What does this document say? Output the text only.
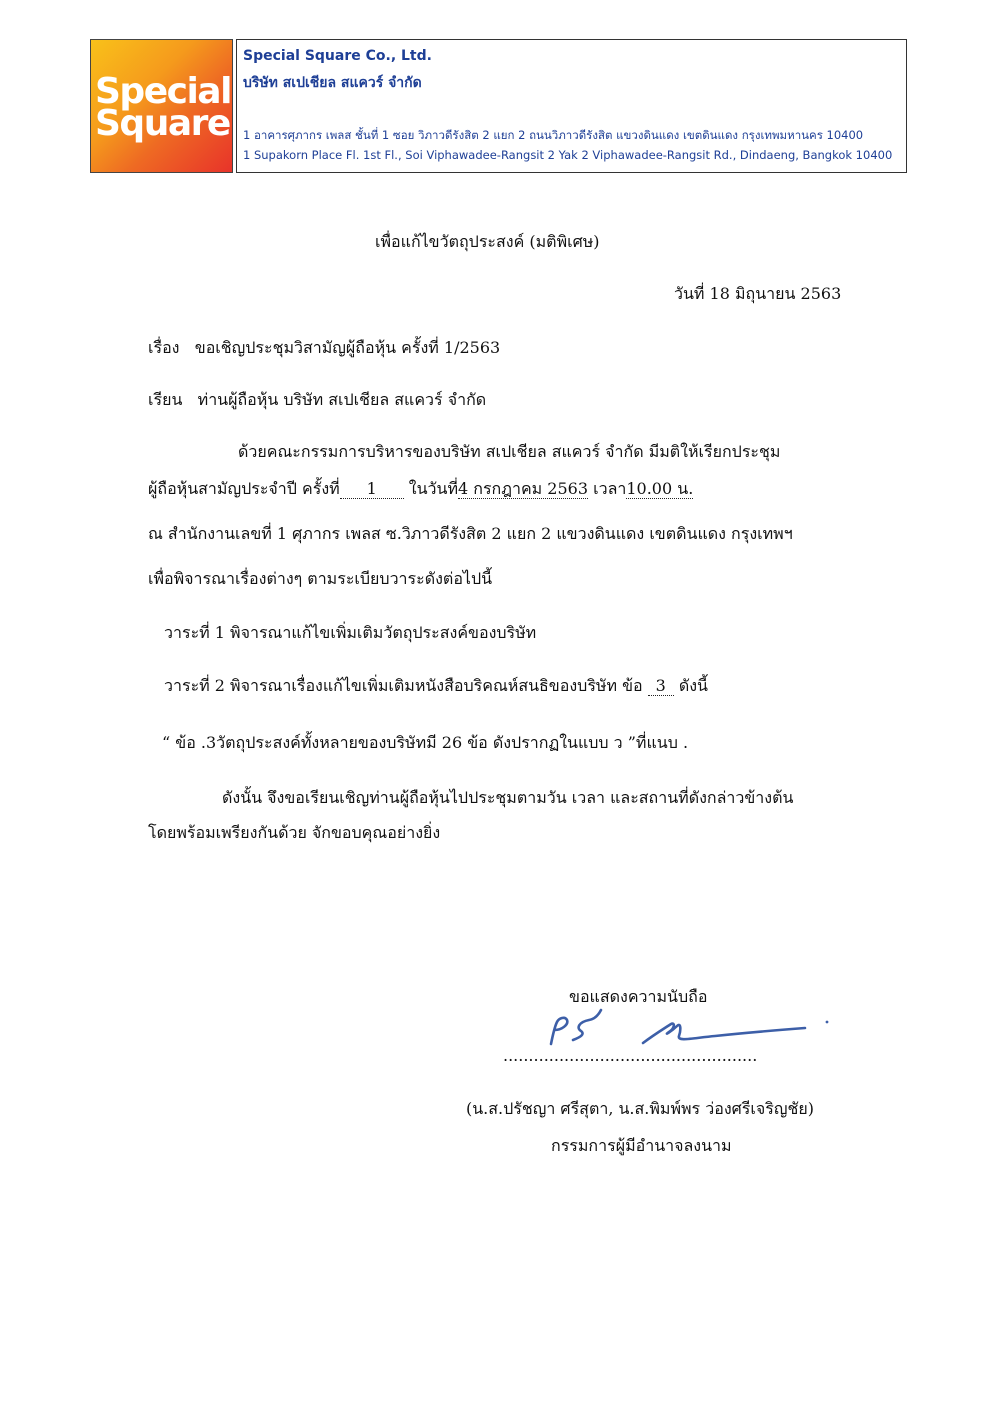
Special
Square
Special Square Co., Ltd.
บริษัท สเปเชียล สแควร์ จำกัด
1 อาคารศุภากร เพลส ชั้นที่ 1 ซอย วิภาวดีรังสิต 2 แยก 2 ถนนวิภาวดีรังสิต แขวงดินแดง เขตดินแดง กรุงเทพมหานคร 10400
1 Supakorn Place Fl. 1st Fl., Soi Viphawadee-Rangsit 2 Yak 2 Viphawadee-Rangsit Rd., Dindaeng, Bangkok 10400
เพื่อแก้ไขวัตถุประสงค์ (มติพิเศษ)
วันที่ 18 มิถุนายน 2563
เรื่อง ขอเชิญประชุมวิสามัญผู้ถือหุ้น ครั้งที่ 1/2563
เรียน ท่านผู้ถือหุ้น บริษัท สเปเชียล สแควร์ จำกัด
ด้วยคณะกรรมการบริหารของบริษัท สเปเชียล สแควร์ จำกัด มีมติให้เรียกประชุม
ผู้ถือหุ้นสามัญประจำปี ครั้งที่ 1 ในวันที่4 กรกฎาคม 2563 เวลา10.00 น.
ณ สำนักงานเลขที่ 1 ศุภากร เพลส ซ.วิภาวดีรังสิต 2 แยก 2 แขวงดินแดง เขตดินแดง กรุงเทพฯ
เพื่อพิจารณาเรื่องต่างๆ ตามระเบียบวาระดังต่อไปนี้
วาระที่ 1 พิจารณาแก้ไขเพิ่มเติมวัตถุประสงค์ของบริษัท
วาระที่ 2 พิจารณาเรื่องแก้ไขเพิ่มเติมหนังสือบริคณห์สนธิของบริษัท ข้อ 3 ดังนี้
“ ข้อ .3วัตถุประสงค์ทั้งหลายของบริษัทมี 26 ข้อ ดังปรากฏในแบบ ว ”ที่แนบ .
ดังนั้น จึงขอเรียนเชิญท่านผู้ถือหุ้นไปประชุมตามวัน เวลา และสถานที่ดังกล่าวข้างต้น
โดยพร้อมเพรียงกันด้วย จักขอบคุณอย่างยิ่ง
ขอแสดงความนับถือ
..................................................
(น.ส.ปรัชญา ศรีสุตา, น.ส.พิมพ์พร ว่องศรีเจริญชัย)
กรรมการผู้มีอำนาจลงนาม
